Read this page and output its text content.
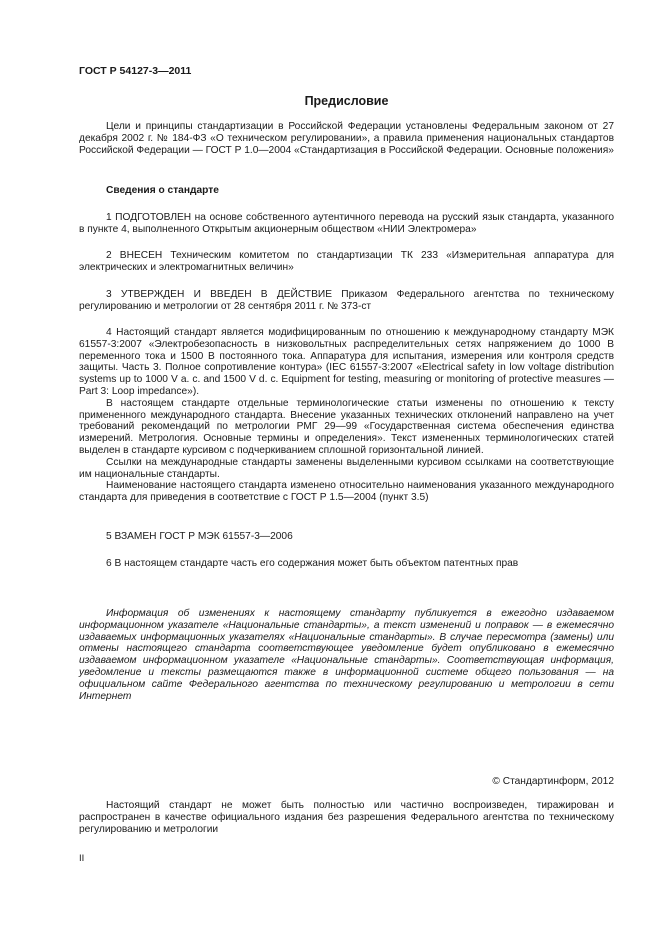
ГОСТ Р 54127-3—2011
Предисловие

Цели и принципы стандартизации в Российской Федерации установлены Федеральным законом от 27 декабря 2002 г. № 184-ФЗ «О техническом регулировании», а правила применения национальных стандартов Российской Федерации — ГОСТ Р 1.0—2004 «Стандартизация в Российской Федерации. Основные положения»

Сведения о стандарте

1 ПОДГОТОВЛЕН на основе собственного аутентичного перевода на русский язык стандарта, указанного в пункте 4, выполненного Открытым акционерным обществом «НИИ Электромера»

2 ВНЕСЕН Техническим комитетом по стандартизации ТК 233 «Измерительная аппаратура для электрических и электромагнитных величин»

3 УТВЕРЖДЕН И ВВЕДЕН В ДЕЙСТВИЕ Приказом Федерального агентства по техническому регулированию и метрологии от 28 сентября 2011 г. № 373-ст

4 Настоящий стандарт является модифицированным по отношению к международному стандарту МЭК 61557-3:2007 «Электробезопасность в низковольтных распределительных сетях напряжением до 1000 В переменного тока и 1500 В постоянного тока. Аппаратура для испытания, измерения или контроля средств защиты. Часть 3. Полное сопротивление контура» (IEC 61557-3:2007 «Electrical safety in low voltage distribution systems up to 1000 V a. c. and 1500 V d. c. Equipment for testing, measuring or monitoring of protective measures — Part 3: Loop impedance»).

В настоящем стандарте отдельные терминологические статьи изменены по отношению к тексту примененного международного стандарта. Внесение указанных технических отклонений направлено на учет требований рекомендаций по метрологии РМГ 29—99 «Государственная система обеспечения единства измерений. Метрология. Основные термины и определения». Текст измененных терминологических статей выделен в стандарте курсивом с подчеркиванием сплошной горизонтальной линией.

Ссылки на международные стандарты заменены выделенными курсивом ссылками на соответствующие им национальные стандарты.

Наименование настоящего стандарта изменено относительно наименования указанного международного стандарта для приведения в соответствие с ГОСТ Р 1.5—2004 (пункт 3.5)

5 ВЗАМЕН ГОСТ Р МЭК 61557-3—2006

6 В настоящем стандарте часть его содержания может быть объектом патентных прав

Информация об изменениях к настоящему стандарту публикуется в ежегодно издаваемом информационном указателе «Национальные стандарты», а текст изменений и поправок — в ежемесячно издаваемых информационных указателях «Национальные стандарты». В случае пересмотра (замены) или отмены настоящего стандарта соответствующее уведомление будет опубликовано в ежемесячно издаваемом информационном указателе «Национальные стандарты». Соответствующая информация, уведомление и тексты размещаются также в информационной системе общего пользования — на официальном сайте Федерального агентства по техническому регулированию и метрологии в сети Интернет

© Стандартинформ, 2012

Настоящий стандарт не может быть полностью или частично воспроизведен, тиражирован и распространен в качестве официального издания без разрешения Федерального агентства по техническому регулированию и метрологии

II
